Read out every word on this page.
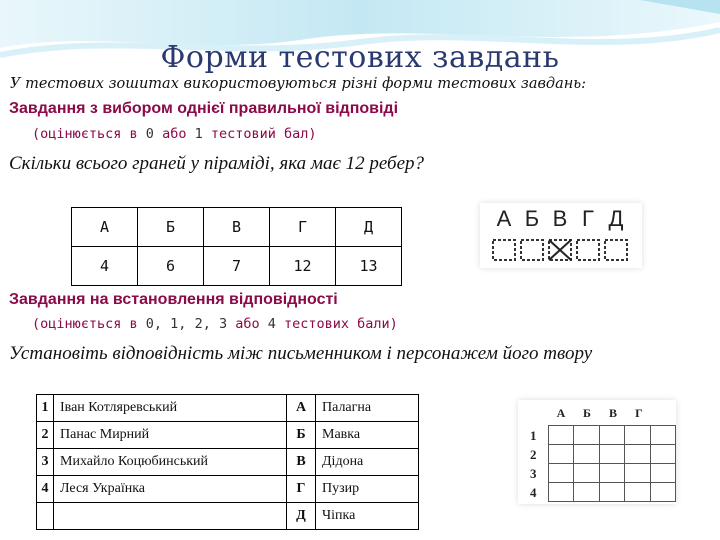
Форми тестових завдань
У тестових зошитах використовуються різні форми тестових завдань:
Завдання з вибором однієї правильної відповіді
(оцінюється в 0 або 1 тестовий бал)
Скільки всього граней у піраміді, яка має 12 ребер?
А	Б	В	Г	Д
4	6	7	12	13
А Б В Г Д
Завдання на встановлення відповідності
(оцінюється в 0, 1, 2, 3 або 4 тестових бали)
Установіть відповідність між письменником і персонажем його твору
1	Іван Котляревський	А	Палагна
2	Панас Мирний	Б	Мавка
3	Михайло Коцюбинський	В	Дідона
4	Леся Українка	Г	Пузир
		Д	Чіпка
А Б В Г
1
2
3
4
